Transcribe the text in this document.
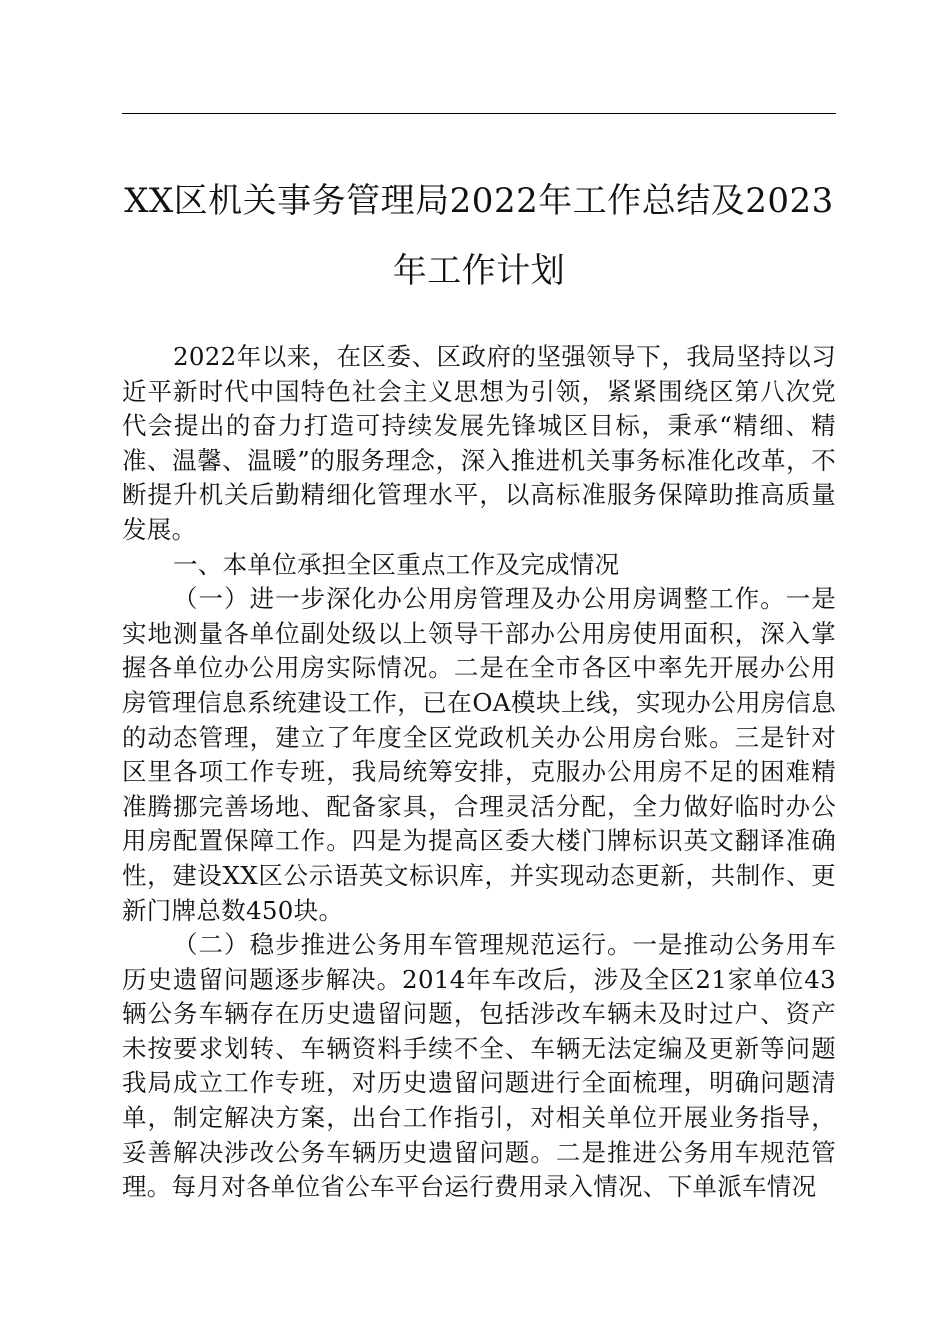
XX区机关事务管理局2022年工作总结及2023
年工作计划

2022年以来，在区委、区政府的坚强领导下，我局坚持以习近平新时代中国特色社会主义思想为引领，紧紧围绕区第八次党代会提出的奋力打造可持续发展先锋城区目标，秉承“精细、精准、温馨、温暖”的服务理念，深入推进机关事务标准化改革，不断提升机关后勤精细化管理水平，以高标准服务保障助推高质量发展。

一、本单位承担全区重点工作及完成情况

（一）进一步深化办公用房管理及办公用房调整工作。一是实地测量各单位副处级以上领导干部办公用房使用面积，深入掌握各单位办公用房实际情况。二是在全市各区中率先开展办公用房管理信息系统建设工作，已在OA模块上线，实现办公用房信息的动态管理，建立了年度全区党政机关办公用房台账。三是针对区里各项工作专班，我局统筹安排，克服办公用房不足的困难精准腾挪完善场地、配备家具，合理灵活分配，全力做好临时办公用房配置保障工作。四是为提高区委大楼门牌标识英文翻译准确性，建设XX区公示语英文标识库，并实现动态更新，共制作、更新门牌总数450块。

（二）稳步推进公务用车管理规范运行。一是推动公务用车历史遗留问题逐步解决。2014年车改后，涉及全区21家单位43辆公务车辆存在历史遗留问题，包括涉改车辆未及时过户、资产未按要求划转、车辆资料手续不全、车辆无法定编及更新等问题我局成立工作专班，对历史遗留问题进行全面梳理，明确问题清单，制定解决方案，出台工作指引，对相关单位开展业务指导，妥善解决涉改公务车辆历史遗留问题。二是推进公务用车规范管理。每月对各单位省公车平台运行费用录入情况、下单派车情况
